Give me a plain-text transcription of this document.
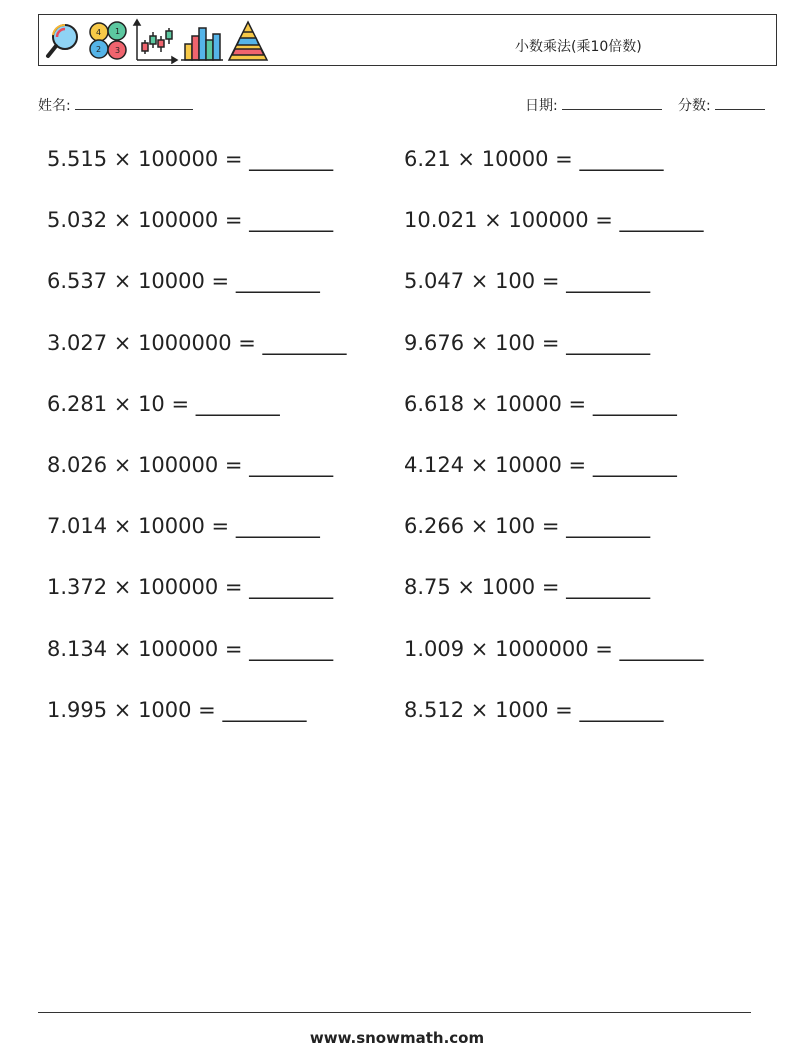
4 1
2 3	小数乘法(乘10倍数)
姓名:	日期:	分数:
5.515 × 100000 = ________	6.21 × 10000 = ________
5.032 × 100000 = ________	10.021 × 100000 = ________
6.537 × 10000 = ________	5.047 × 100 = ________
3.027 × 1000000 = ________	9.676 × 100 = ________
6.281 × 10 = ________	6.618 × 10000 = ________
8.026 × 100000 = ________	4.124 × 10000 = ________
7.014 × 10000 = ________	6.266 × 100 = ________
1.372 × 100000 = ________	8.75 × 1000 = ________
8.134 × 100000 = ________	1.009 × 1000000 = ________
1.995 × 1000 = ________	8.512 × 1000 = ________
www.snowmath.com
